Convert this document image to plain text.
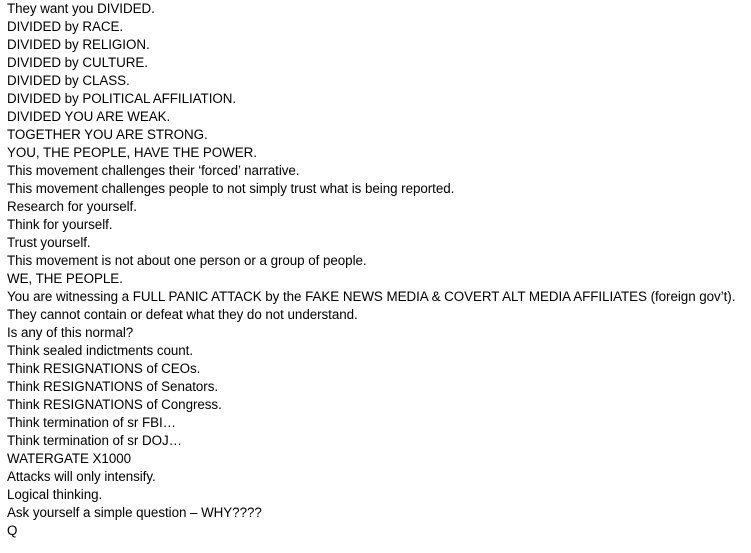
They want you DIVIDED.
DIVIDED by RACE.
DIVIDED by RELIGION.
DIVIDED by CULTURE.
DIVIDED by CLASS.
DIVIDED by POLITICAL AFFILIATION.
DIVIDED YOU ARE WEAK.
TOGETHER YOU ARE STRONG.
YOU, THE PEOPLE, HAVE THE POWER.
This movement challenges their ‘forced’ narrative.
This movement challenges people to not simply trust what is being reported.
Research for yourself.
Think for yourself.
Trust yourself.
This movement is not about one person or a group of people.
WE, THE PEOPLE.
You are witnessing a FULL PANIC ATTACK by the FAKE NEWS MEDIA & COVERT ALT MEDIA AFFILIATES (foreign gov’t).
They cannot contain or defeat what they do not understand.
Is any of this normal?
Think sealed indictments count.
Think RESIGNATIONS of CEOs.
Think RESIGNATIONS of Senators.
Think RESIGNATIONS of Congress.
Think termination of sr FBI…
Think termination of sr DOJ…
WATERGATE X1000
Attacks will only intensify.
Logical thinking.
Ask yourself a simple question – WHY????
Q
